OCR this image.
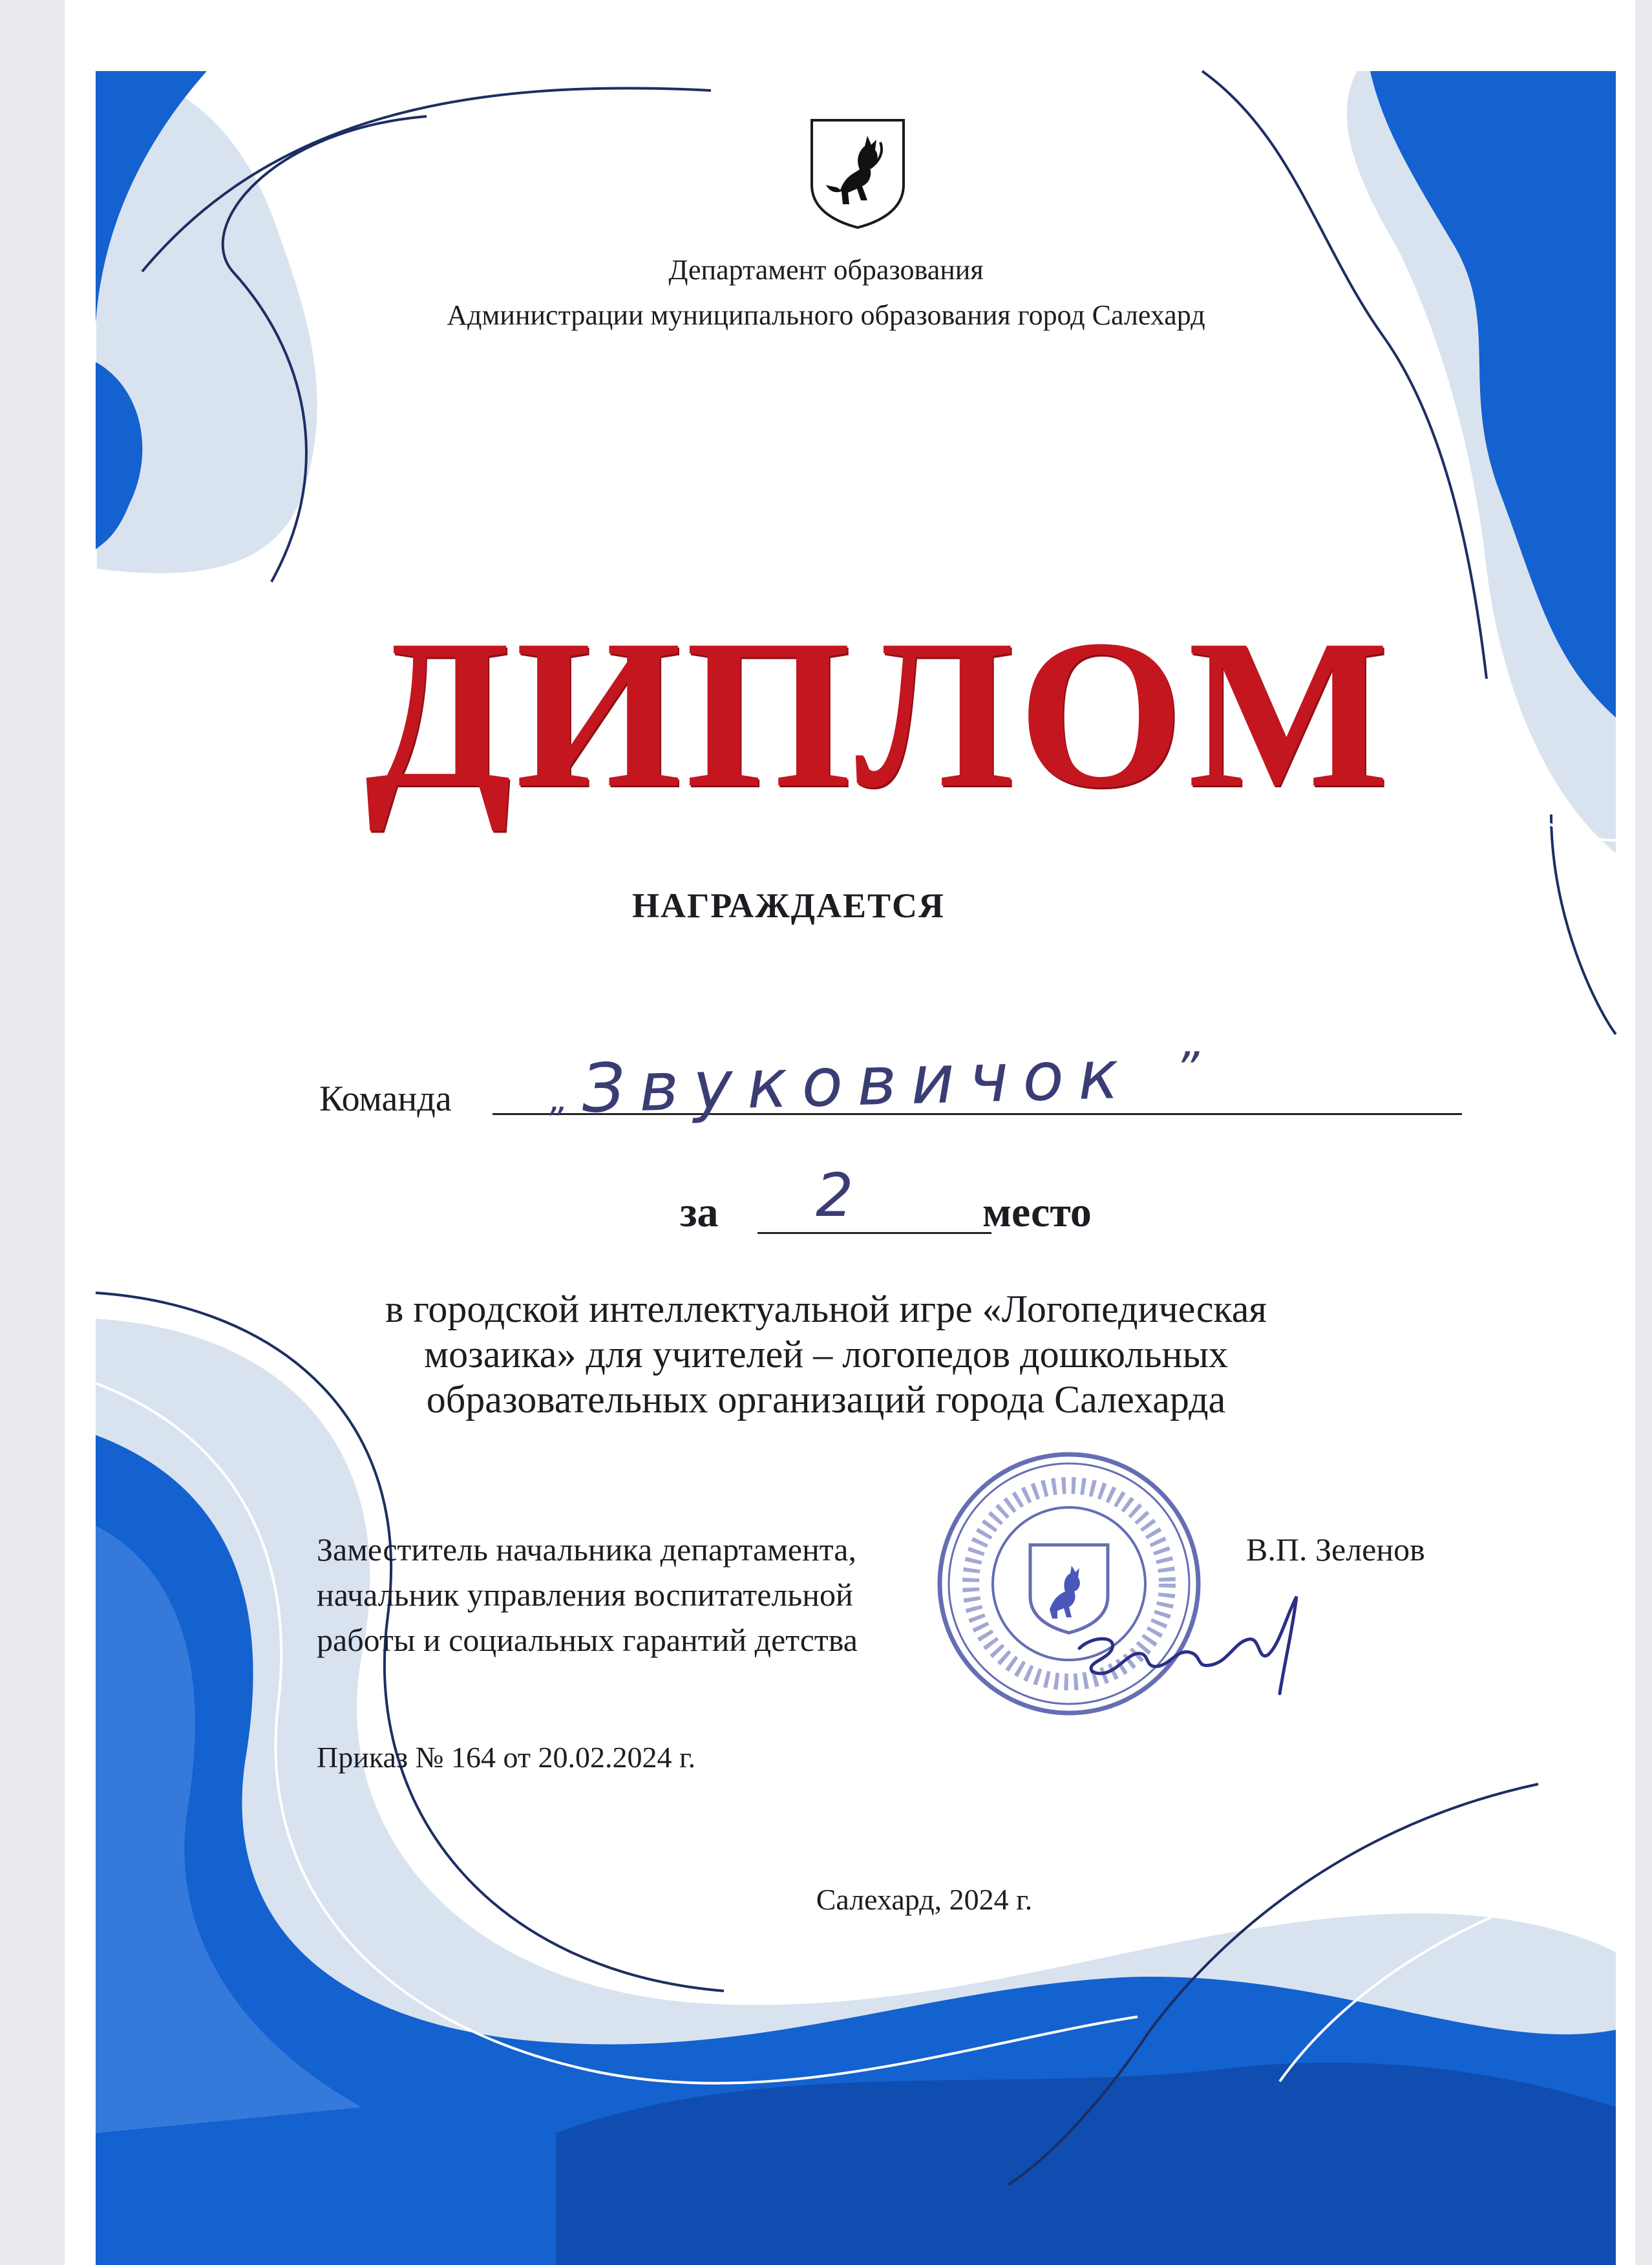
Департамент образования
Администрации муниципального образования город Салехард
ДИПЛОМ
НАГРАЖДАЕТСЯ
Команда	„ Звуковичок ”
за 2	место
в городской интеллектуальной игре «Логопедическая мозаика» для учителей – логопедов дошкольных образовательных организаций города Салехарда
Заместитель начальника департамента,
начальник управления воспитательной
работы и социальных гарантий детства
В.П. Зеленов
Приказ № 164 от 20.02.2024 г.
Салехард, 2024 г.
